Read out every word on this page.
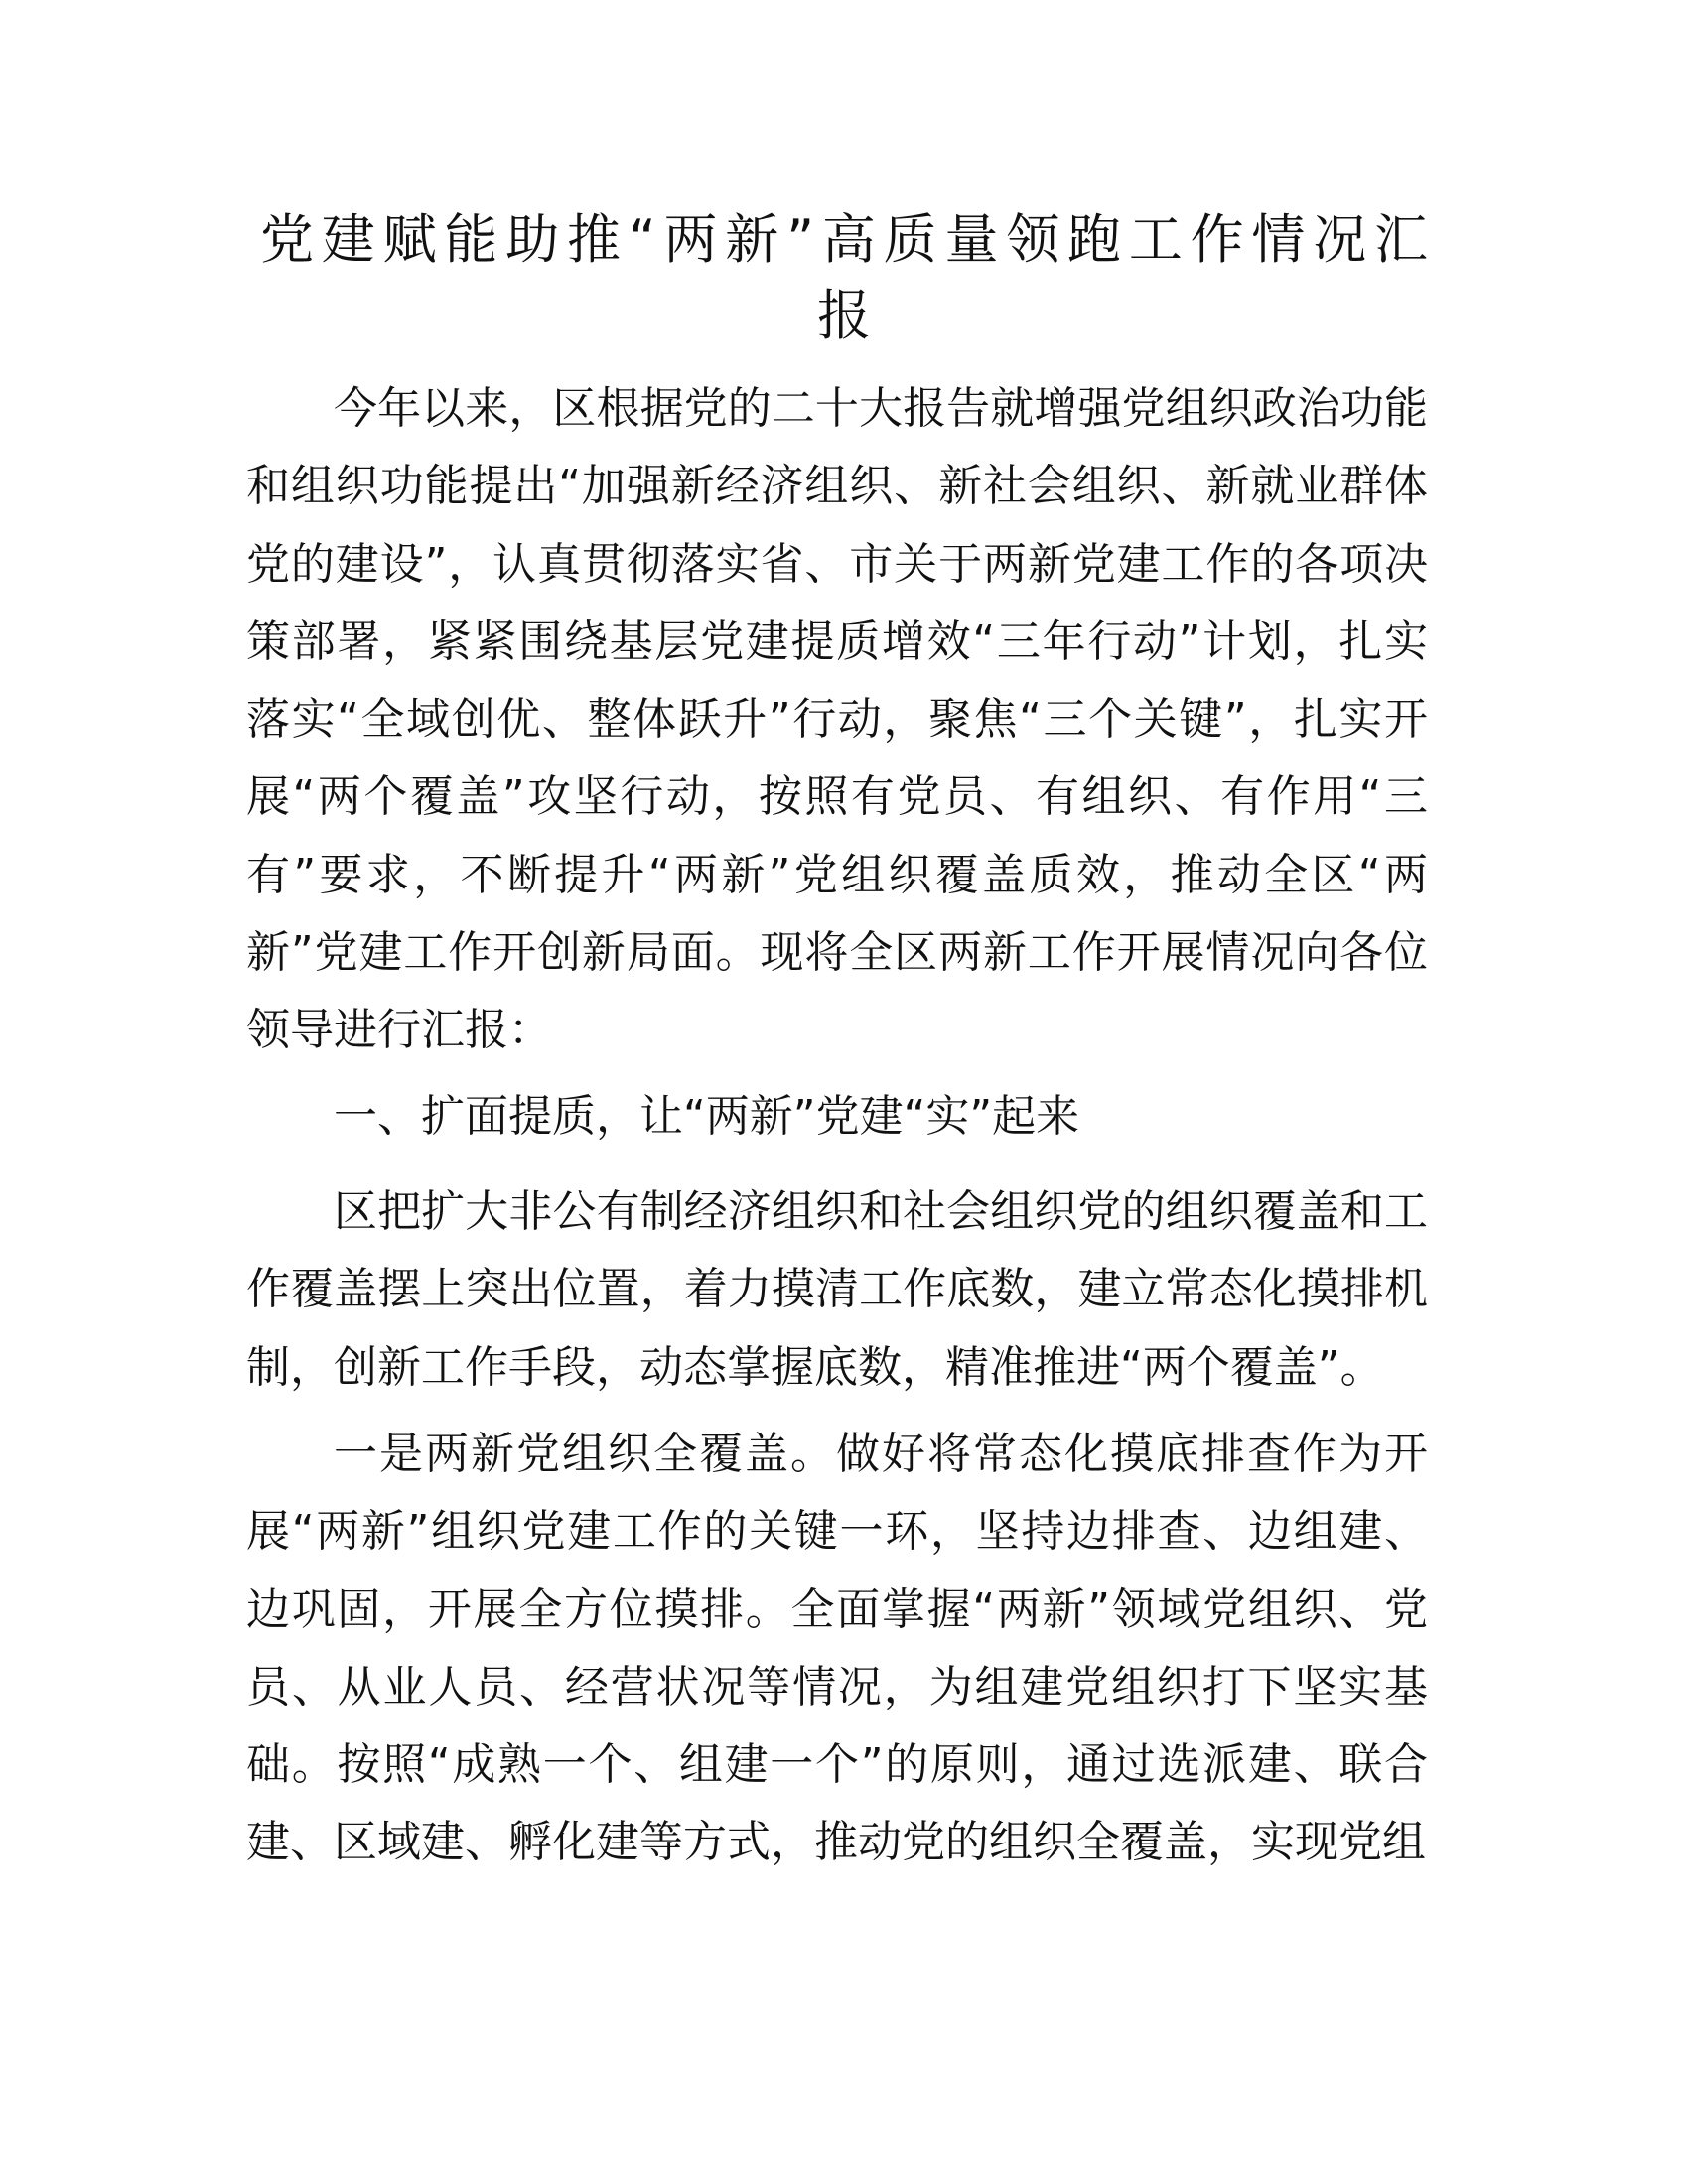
党建赋能助推“两新”高质量领跑工作情况汇
报
今年以来，区根据党的二十大报告就增强党组织政治功能
和组织功能提出“加强新经济组织、新社会组织、新就业群体
党的建设”，认真贯彻落实省、市关于两新党建工作的各项决
策部署，紧紧围绕基层党建提质增效“三年行动”计划，扎实
落实“全域创优、整体跃升”行动，聚焦“三个关键”，扎实开
展“两个覆盖”攻坚行动，按照有党员、有组织、有作用“三
有”要求，不断提升“两新”党组织覆盖质效，推动全区“两
新”党建工作开创新局面。现将全区两新工作开展情况向各位
领导进行汇报：
一、扩面提质，让“两新”党建“实”起来
区把扩大非公有制经济组织和社会组织党的组织覆盖和工
作覆盖摆上突出位置，着力摸清工作底数，建立常态化摸排机
制，创新工作手段，动态掌握底数，精准推进“两个覆盖”。
一是两新党组织全覆盖。做好将常态化摸底排查作为开
展“两新”组织党建工作的关键一环，坚持边排查、边组建、
边巩固，开展全方位摸排。全面掌握“两新”领域党组织、党
员、从业人员、经营状况等情况，为组建党组织打下坚实基
础。按照“成熟一个、组建一个”的原则，通过选派建、联合
建、区域建、孵化建等方式，推动党的组织全覆盖，实现党组
